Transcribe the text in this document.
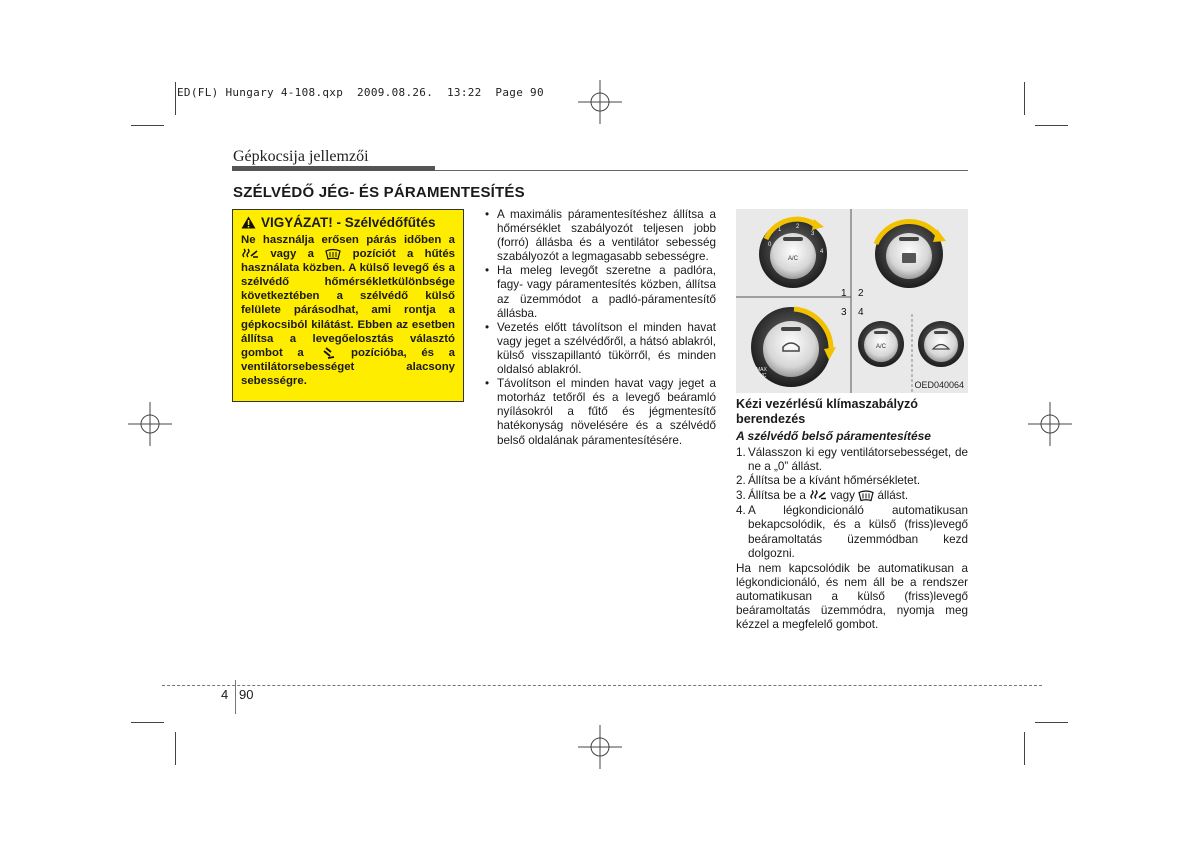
ED(FL) Hungary 4-108.qxp  2009.08.26.  13:22  Page 90
Gépkocsija jellemzői
SZÉLVÉDŐ JÉG- ÉS PÁRAMENTESÍTÉS
VIGYÁZAT! - Szélvédőfűtés
Ne használja erősen párás időben a  vagy a	pozíciót a hűtés használata közben. A külső levegő és a szélvédő hőmérsékletkülönbsége következtében a szélvédő külső felülete párásodhat, ami rontja a gépkocsiból kilátást. Ebben az esetben állítsa a levegőelosztás választó gombot a	pozícióba, és a ventilátorsebességet alacsony sebességre.
• A maximális páramentesítéshez állítsa a hőmérséklet szabályozót teljesen jobb (forró) állásba és a ventilátor sebesség szabályozót a legmagasabb sebességre.
• Ha meleg levegőt szeretne a padlóra, fagy- vagy páramentesítés közben, állítsa az üzemmódot a padló-páramentesítő állásba.
• Vezetés előtt távolítson el minden havat vagy jeget a szélvédőről, a hátsó ablakról, külső visszapillantó tükörről, és minden oldalsó ablakról.
• Távolítson el minden havat vagy jeget a motorház tetőről és a levegő beáramló nyílásokról a fűtő és jégmentesítő hatékonyság növelésére és a szélvédő belső oldalának páramentesítésére.
A/C
0
1 2
3
4
1 2
3 4
MAX
A/C
A/C
OED040064
Kézi vezérlésű klímaszabályzó berendezés
A szélvédő belső páramentesítése
1. Válasszon ki egy ventilátorsebességet, de ne a „0” állást.
2. Állítsa be a kívánt hőmérsékletet.
3. Állítsa be a vagy állást.
4. A légkondicionáló automatikusan bekapcsolódik, és a külső (friss)levegő beáramoltatás üzemmódban kezd dolgozni.
Ha nem kapcsolódik be automatikusan a légkondicionáló, és nem áll be a rendszer automatikusan a külső (friss)levegő beáramoltatás üzemmódra, nyomja meg kézzel a megfelelő gombot.
4 90
